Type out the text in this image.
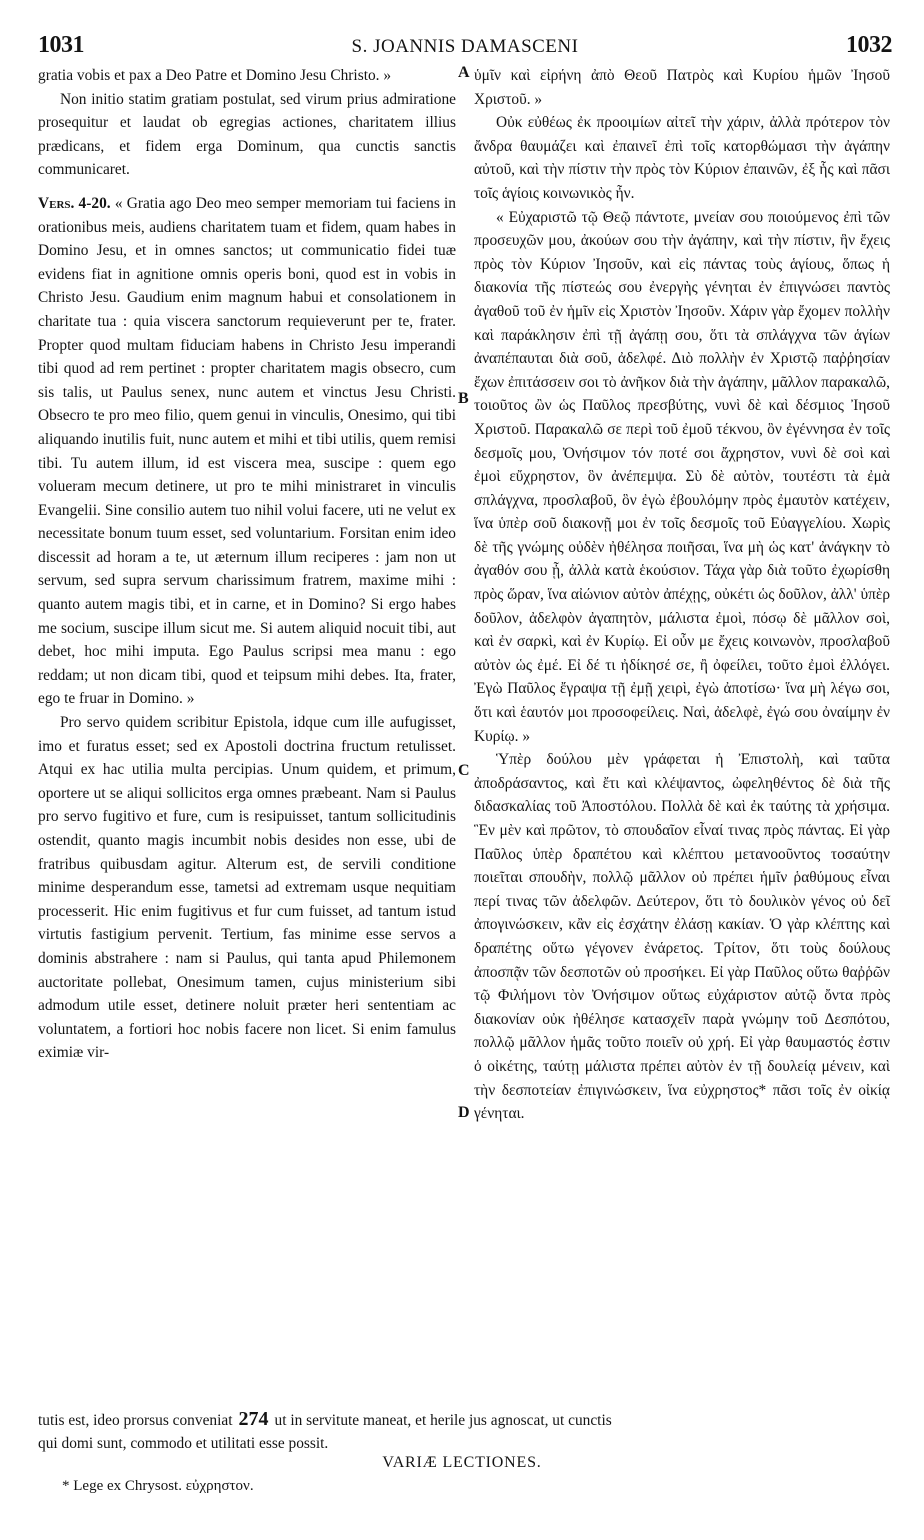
1031	S. JOANNIS DAMASCENI	1032
A
B
C
D

gratia vobis et pax a Deo Patre et Domino Jesu Christo. »

Non initio statim gratiam postulat, sed virum prius admiratione prosequitur et laudat ob egregias actiones, charitatem illius prædicans, et fidem erga Dominum, qua cunctis sanctis communicaret.

Vers. 4-20. « Gratia ago Deo meo semper memoriam tui faciens in orationibus meis, audiens charitatem tuam et fidem, quam habes in Domino Jesu, et in omnes sanctos; ut communicatio fidei tuæ evidens fiat in agnitione omnis operis boni, quod est in vobis in Christo Jesu. Gaudium enim magnum habui et consolationem in charitate tua : quia viscera sanctorum requieverunt per te, frater. Propter quod multam fiduciam habens in Christo Jesu imperandi tibi quod ad rem pertinet : propter charitatem magis obsecro, cum sis talis, ut Paulus senex, nunc autem et vinctus Jesu Christi. Obsecro te pro meo filio, quem genui in vinculis, Onesimo, qui tibi aliquando inutilis fuit, nunc autem et mihi et tibi utilis, quem remisi tibi. Tu autem illum, id est viscera mea, suscipe : quem ego volueram mecum detinere, ut pro te mihi ministraret in vinculis Evangelii. Sine consilio autem tuo nihil volui facere, uti ne velut ex necessitate bonum tuum esset, sed voluntarium. Forsitan enim ideo discessit ad horam a te, ut æternum illum reciperes : jam non ut servum, sed supra servum charissimum fratrem, maxime mihi : quanto autem magis tibi, et in carne, et in Domino? Si ergo habes me socium, suscipe illum sicut me. Si autem aliquid nocuit tibi, aut debet, hoc mihi imputa. Ego Paulus scripsi mea manu : ego reddam; ut non dicam tibi, quod et teipsum mihi debes. Ita, frater, ego te fruar in Domino. »

Pro servo quidem scribitur Epistola, idque cum ille aufugisset, imo et furatus esset; sed ex Apostoli doctrina fructum retulisset. Atqui ex hac utilia multa percipias. Unum quidem, et primum, oportere ut se aliqui sollicitos erga omnes præbeant. Nam si Paulus pro servo fugitivo et fure, cum is resipuisset, tantum sollicitudinis ostendit, quanto magis incumbit nobis desides non esse, ubi de fratribus quibusdam agitur. Alterum est, de servili conditione minime desperandum esse, tametsi ad extremam usque nequitiam processerit. Hic enim fugitivus et fur cum fuisset, ad tantum istud virtutis fastigium pervenit. Tertium, fas minime esse servos a dominis abstrahere : nam si Paulus, qui tanta apud Philemonem auctoritate pollebat, Onesimum tamen, cujus ministerium sibi admodum utile esset, detinere noluit præter heri sententiam ac voluntatem, a fortiori hoc nobis facere non licet. Si enim famulus eximiæ vir-

ὑμῖν καὶ εἰρήνη ἀπὸ Θεοῦ Πατρὸς καὶ Κυρίου ἡμῶν Ἰησοῦ Χριστοῦ. »

Οὐκ εὐθέως ἐκ προοιμίων αἰτεῖ τὴν χάριν, ἀλλὰ πρότερον τὸν ἄνδρα θαυμάζει καὶ ἐπαινεῖ ἐπὶ τοῖς κατορθώμασι τὴν ἀγάπην αὐτοῦ, καὶ τὴν πίστιν τὴν πρὸς τὸν Κύριον ἐπαινῶν, ἐξ ἧς καὶ πᾶσι τοῖς ἁγίοις κοινωνικὸς ἦν.

« Εὐχαριστῶ τῷ Θεῷ πάντοτε, μνείαν σου ποιούμενος ἐπὶ τῶν προσευχῶν μου, ἀκούων σου τὴν ἀγάπην, καὶ τὴν πίστιν, ἣν ἔχεις πρὸς τὸν Κύριον Ἰησοῦν, καὶ εἰς πάντας τοὺς ἁγίους, ὅπως ἡ διακονία τῆς πίστεώς σου ἐνεργὴς γένηται ἐν ἐπιγνώσει παντὸς ἀγαθοῦ τοῦ ἐν ἡμῖν εἰς Χριστὸν Ἰησοῦν. Χάριν γὰρ ἔχομεν πολλὴν καὶ παράκλησιν ἐπὶ τῇ ἀγάπῃ σου, ὅτι τὰ σπλάγχνα τῶν ἁγίων ἀναπέπαυται διὰ σοῦ, ἀδελφέ. Διὸ πολλὴν ἐν Χριστῷ παῤῥησίαν ἔχων ἐπιτάσσειν σοι τὸ ἀνῆκον διὰ τὴν ἀγάπην, μᾶλλον παρακαλῶ, τοιοῦτος ὢν ὡς Παῦλος πρεσβύτης, νυνὶ δὲ καὶ δέσμιος Ἰησοῦ Χριστοῦ. Παρακαλῶ σε περὶ τοῦ ἐμοῦ τέκνου, ὃν ἐγέννησα ἐν τοῖς δεσμοῖς μου, Ὀνήσιμον τόν ποτέ σοι ἄχρηστον, νυνὶ δὲ σοὶ καὶ ἐμοὶ εὔχρηστον, ὃν ἀνέπεμψα. Σὺ δὲ αὐτὸν, τουτέστι τὰ ἐμὰ σπλάγχνα, προσλαβοῦ, ὃν ἐγὼ ἐβουλόμην πρὸς ἐμαυτὸν κατέχειν, ἵνα ὑπὲρ σοῦ διακονῇ μοι ἐν τοῖς δεσμοῖς τοῦ Εὐαγγελίου. Χωρὶς δὲ τῆς γνώμης οὐδὲν ἠθέλησα ποιῆσαι, ἵνα μὴ ὡς κατ' ἀνάγκην τὸ ἀγαθόν σου ᾖ, ἀλλὰ κατὰ ἑκούσιον. Τάχα γὰρ διὰ τοῦτο ἐχωρίσθη πρὸς ὥραν, ἵνα αἰώνιον αὐτὸν ἀπέχῃς, οὐκέτι ὡς δοῦλον, ἀλλ' ὑπὲρ δοῦλον, ἀδελφὸν ἀγαπητὸν, μάλιστα ἐμοὶ, πόσῳ δὲ μᾶλλον σοὶ, καὶ ἐν σαρκὶ, καὶ ἐν Κυρίῳ. Εἰ οὖν με ἔχεις κοινωνὸν, προσλαβοῦ αὐτὸν ὡς ἐμέ. Εἰ δέ τι ἠδίκησέ σε, ἢ ὀφείλει, τοῦτο ἐμοὶ ἐλλόγει. Ἐγὼ Παῦλος ἔγραψα τῇ ἐμῇ χειρὶ, ἐγὼ ἀποτίσω· ἵνα μὴ λέγω σοι, ὅτι καὶ ἑαυτόν μοι προσοφείλεις. Ναὶ, ἀδελφὲ, ἐγώ σου ὀναίμην ἐν Κυρίῳ. »

Ὑπὲρ δούλου μὲν γράφεται ἡ Ἐπιστολὴ, καὶ ταῦτα ἀποδράσαντος, καὶ ἔτι καὶ κλέψαντος, ὠφεληθέντος δὲ διὰ τῆς διδασκαλίας τοῦ Ἀποστόλου. Πολλὰ δὲ καὶ ἐκ ταύτης τὰ χρήσιμα. Ἓν μὲν καὶ πρῶτον, τὸ σπουδαῖον εἶναί τινας πρὸς πάντας. Εἰ γὰρ Παῦλος ὑπὲρ δραπέτου καὶ κλέπτου μετανοοῦντος τοσαύτην ποιεῖται σπουδὴν, πολλῷ μᾶλλον οὐ πρέπει ἡμῖν ῥαθύμους εἶναι περί τινας τῶν ἀδελφῶν. Δεύτερον, ὅτι τὸ δουλικὸν γένος οὐ δεῖ ἀπογινώσκειν, κἂν εἰς ἐσχάτην ἐλάσῃ κακίαν. Ὁ γὰρ κλέπτης καὶ δραπέτης οὕτω γέγονεν ἐνάρετος. Τρίτον, ὅτι τοὺς δούλους ἀποσπᾷν τῶν δεσποτῶν οὐ προσήκει. Εἰ γὰρ Παῦλος οὕτω θαῤῥῶν τῷ Φιλήμονι τὸν Ὀνήσιμον οὕτως εὐχάριστον αὐτῷ ὄντα πρὸς διακονίαν οὐκ ἠθέλησε κατασχεῖν παρὰ γνώμην τοῦ Δεσπότου, πολλῷ μᾶλλον ἡμᾶς τοῦτο ποιεῖν οὐ χρή. Εἰ γὰρ θαυμαστός ἐστιν ὁ οἰκέτης, ταύτῃ μάλιστα πρέπει αὐτὸν ἐν τῇ δουλείᾳ μένειν, καὶ τὴν δεσποτείαν ἐπιγινώσκειν, ἵνα εὐχρηστος* πᾶσι τοῖς ἐν οἰκίᾳ γένηται.

tutis est, ideo prorsus conveniat 274 ut in servitute maneat, et herile jus agnoscat, ut cunctis

qui domi sunt, commodo et utilitati esse possit.

VARIÆ LECTIONES.
* Lege ex Chrysost. εὐχρηστον.
